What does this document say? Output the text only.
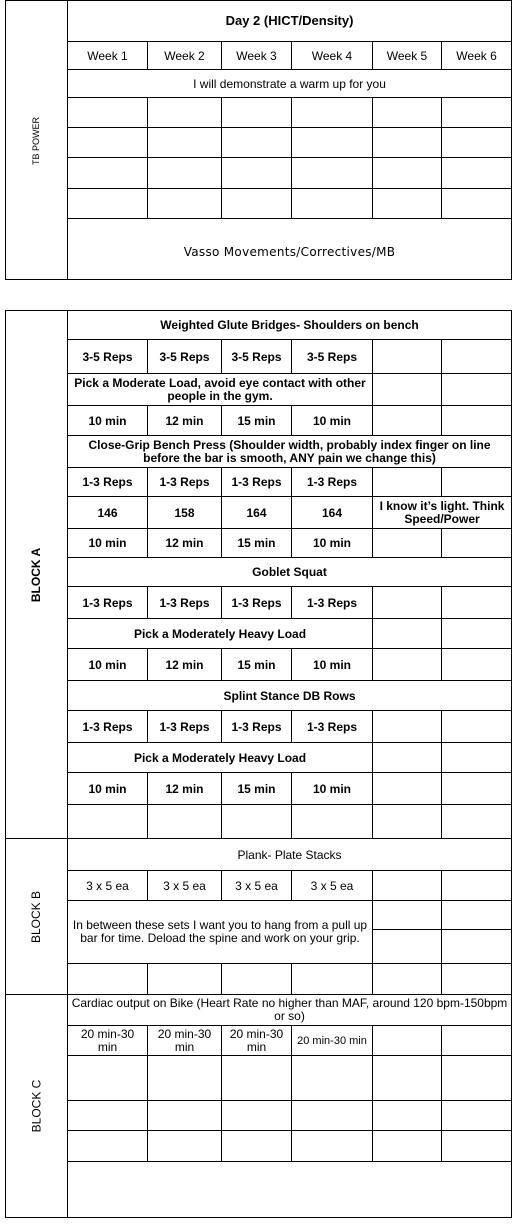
TB POWER	Day 2 (HICT/Density)					
	Week 1	Week 2	Week 3	Week 4	Week 5	Week 6
	I will demonstrate a warm up for you					

	Vasso Movements/Correctives/MB					
BLOCK A	Weighted Glute Bridges- Shoulders on bench					
	3-5 Reps	3-5 Reps	3-5 Reps	3-5 Reps		
	Pick a Moderate Load, avoid eye contact with other people in the gym.					
	10 min	12 min	15 min	10 min		
	Close-Grip Bench Press (Shoulder width, probably index finger on line before the bar is smooth, ANY pain we change this)					
	1-3 Reps	1-3 Reps	1-3 Reps	1-3 Reps		
	146	158	164	164	I know it’s light. Think Speed/Power	
	10 min	12 min	15 min	10 min		
	Goblet Squat					
	1-3 Reps	1-3 Reps	1-3 Reps	1-3 Reps		
	Pick a Moderately Heavy Load					
	10 min	12 min	15 min	10 min		
	Splint Stance DB Rows					
	1-3 Reps	1-3 Reps	1-3 Reps	1-3 Reps		
	Pick a Moderately Heavy Load					
	10 min	12 min	15 min	10 min		

BLOCK B	Plank- Plate Stacks					
	3 x 5 ea	3 x 5 ea	3 x 5 ea	3 x 5 ea		
	In between these sets I want you to hang from a pull up bar for time. Deload the spine and work on your grip.					

BLOCK C	Cardiac output on Bike (Heart Rate no higher than MAF, around 120 bpm-150bpm or so)					
	20 min-30 min	20 min-30 min	20 min-30 min	20 min-30 min		
